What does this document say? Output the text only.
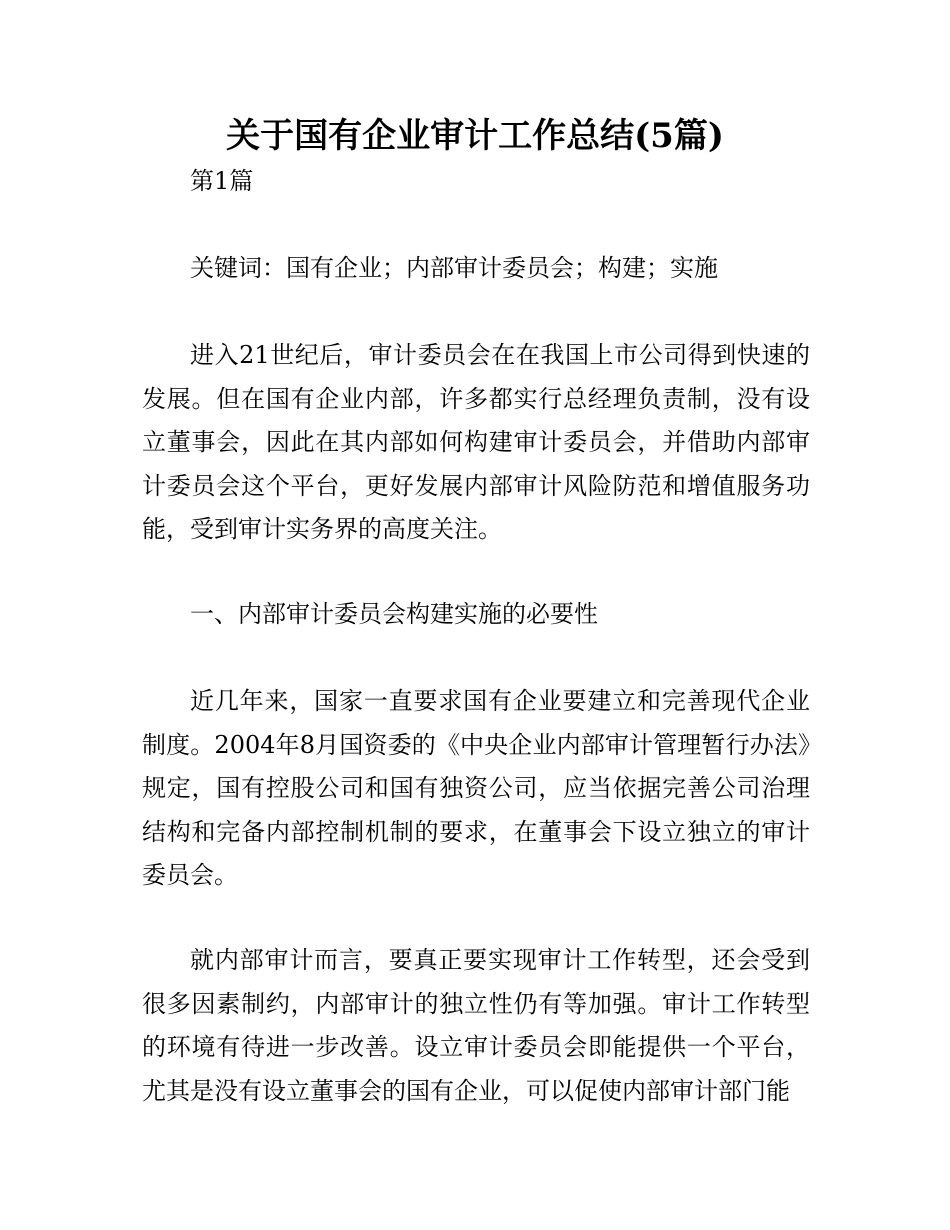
关于国有企业审计工作总结(5篇)

第1篇

关键词：国有企业；内部审计委员会；构建；实施

进入21世纪后，审计委员会在在我国上市公司得到快速的发展。但在国有企业内部，许多都实行总经理负责制，没有设立董事会，因此在其内部如何构建审计委员会，并借助内部审计委员会这个平台，更好发展内部审计风险防范和增值服务功能，受到审计实务界的高度关注。

一、内部审计委员会构建实施的必要性

近几年来，国家一直要求国有企业要建立和完善现代企业制度。2004年8月国资委的《中央企业内部审计管理暂行办法》规定，国有控股公司和国有独资公司，应当依据完善公司治理结构和完备内部控制机制的要求，在董事会下设立独立的审计委员会。

就内部审计而言，要真正要实现审计工作转型，还会受到很多因素制约，内部审计的独立性仍有等加强。审计工作转型的环境有待进一步改善。设立审计委员会即能提供一个平台，尤其是没有设立董事会的国有企业，可以促使内部审计部门能
